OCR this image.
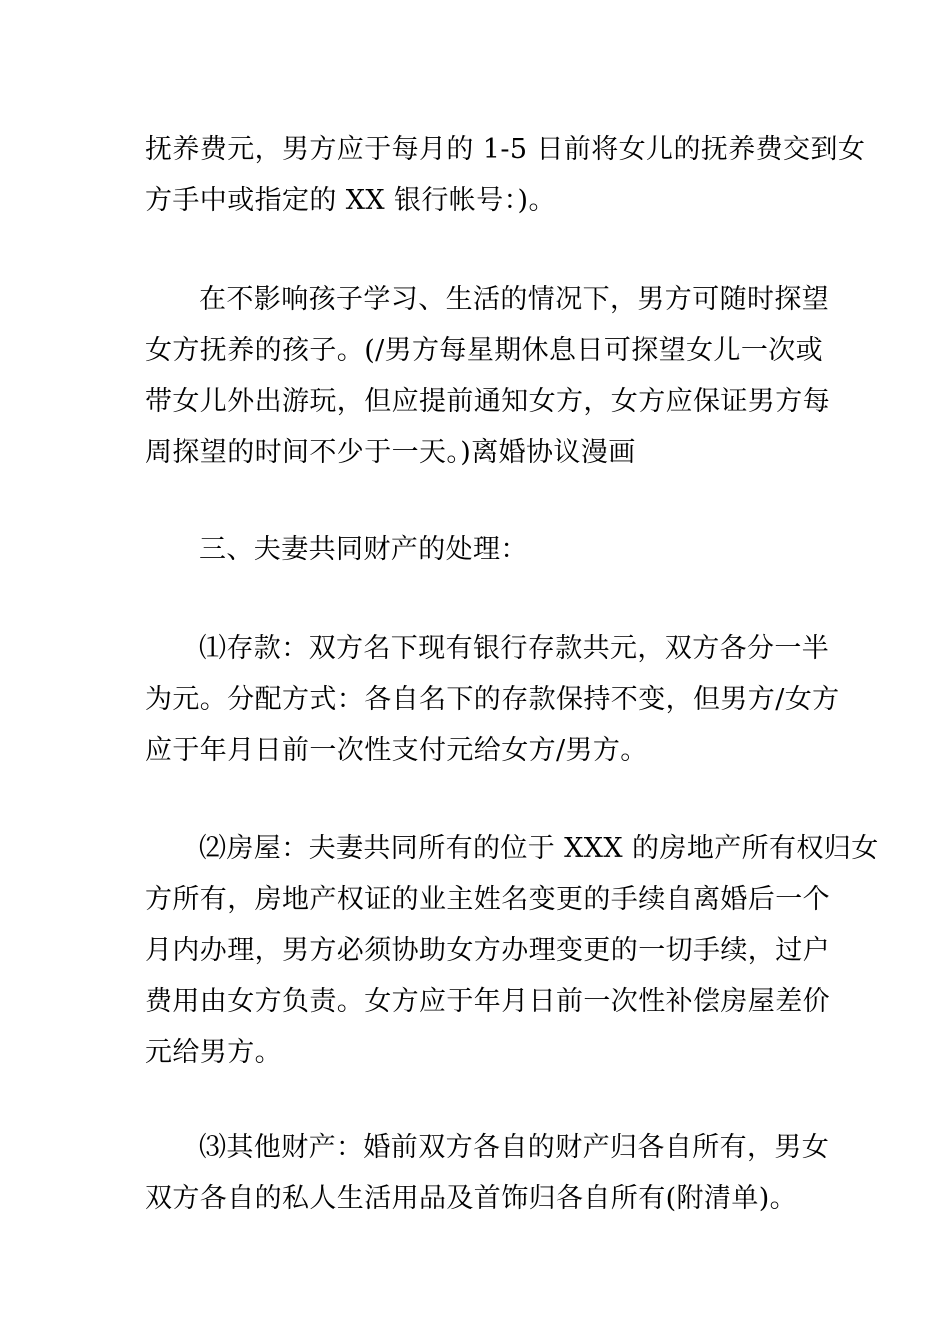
抚养费元，男方应于每月的 1-5 日前将女儿的抚养费交到女
方手中或指定的 XX 银行帐号：)。

在不影响孩子学习、生活的情况下，男方可随时探望
女方抚养的孩子。(/男方每星期休息日可探望女儿一次或
带女儿外出游玩，但应提前通知女方，女方应保证男方每
周探望的时间不少于一天。)离婚协议漫画

三、夫妻共同财产的处理：

⑴存款：双方名下现有银行存款共元，双方各分一半
为元。分配方式：各自名下的存款保持不变，但男方/女方
应于年月日前一次性支付元给女方/男方。

⑵房屋：夫妻共同所有的位于 XXX 的房地产所有权归女
方所有，房地产权证的业主姓名变更的手续自离婚后一个
月内办理，男方必须协助女方办理变更的一切手续，过户
费用由女方负责。女方应于年月日前一次性补偿房屋差价
元给男方。

⑶其他财产：婚前双方各自的财产归各自所有，男女
双方各自的私人生活用品及首饰归各自所有(附清单)。
